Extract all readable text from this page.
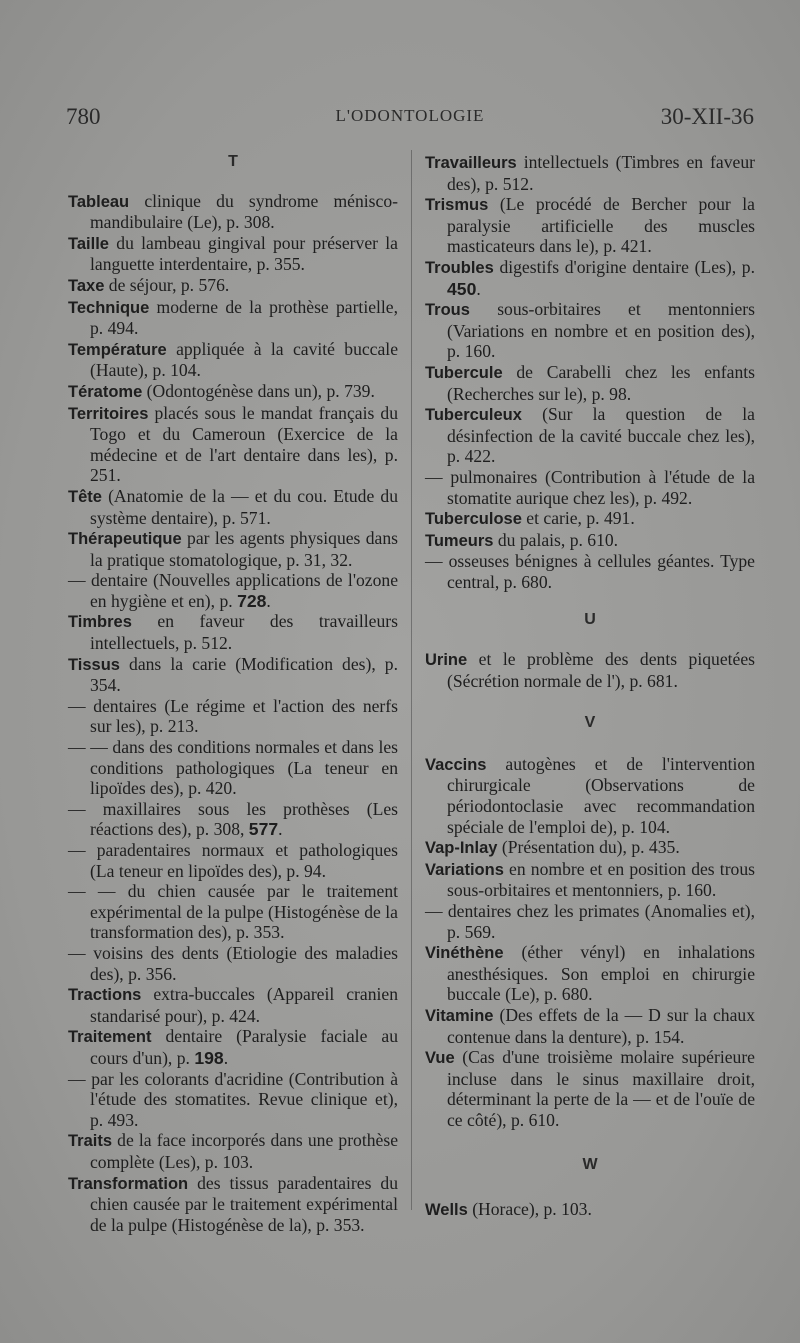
780	L'ODONTOLOGIE	30-XII-36
T

Tableau clinique du syndrome méniscо-mandibulaire (Le), p. 308.

Taille du lambeau gingival pour préserver la languette interdentaire, p. 355.

Taxe de séjour, p. 576.

Technique moderne de la prothèse partielle, p. 494.

Température appliquée à la cavité buccale (Haute), p. 104.

Tératome (Odontogénèse dans un), p. 739.

Territoires placés sous le mandat français du Togo et du Cameroun (Exercice de la médecine et de l'art dentaire dans les), p. 251.

Tête (Anatomie de la — et du cou. Etude du système dentaire), p. 571.

Thérapeutique par les agents physiques dans la pratique stomatologique, p. 31, 32.

— dentaire (Nouvelles applications de l'ozone en hygiène et en), p. 728.

Timbres en faveur des travailleurs intellectuels, p. 512.

Tissus dans la carie (Modification des), p. 354.

— dentaires (Le régime et l'action des nerfs sur les), p. 213.

— — dans des conditions normales et dans les conditions pathologiques (La teneur en lipoïdes des), p. 420.

— maxillaires sous les prothèses (Les réactions des), p. 308, 577.

— paradentaires normaux et pathologiques (La teneur en lipoïdes des), p. 94.

— — du chien causée par le traitement expérimental de la pulpe (Histogénèse de la transformation des), p. 353.

— voisins des dents (Etiologie des maladies des), p. 356.

Tractions extra-buccales (Appareil cranien standarisé pour), p. 424.

Traitement dentaire (Paralysie faciale au cours d'un), p. 198.

— par les colorants d'acridine (Contribution à l'étude des stomatites. Revue clinique et), p. 493.

Traits de la face incorporés dans une prothèse complète (Les), p. 103.

Transformation des tissus paradentaires du chien causée par le traitement expérimental de la pulpe (Histogénèse de la), p. 353.

Travailleurs intellectuels (Timbres en faveur des), p. 512.

Trismus (Le procédé de Bercher pour la paralysie artificielle des muscles masticateurs dans le), p. 421.

Troubles digestifs d'origine dentaire (Les), p. 450.

Trous sous-orbitaires et mentonniers (Variations en nombre et en position des), p. 160.

Tubercule de Carabelli chez les enfants (Recherches sur le), p. 98.

Tuberculeux (Sur la question de la désinfection de la cavité buccale chez les), p. 422.

— pulmonaires (Contribution à l'étude de la stomatite aurique chez les), p. 492.

Tuberculose et carie, p. 491.

Tumeurs du palais, p. 610.

— osseuses bénignes à cellules géantes. Type central, p. 680.

U

Urine et le problème des dents piquetées (Sécrétion normale de l'), p. 681.

V

Vaccins autogènes et de l'intervention chirurgicale (Observations de périodontoclasie avec recommandation spéciale de l'emploi de), p. 104.

Vap-Inlay (Présentation du), p. 435.

Variations en nombre et en position des trous sous-orbitaires et mentonniers, p. 160.

— dentaires chez les primates (Anomalies et), p. 569.

Vinéthène (éther vényl) en inhalations anesthésiques. Son emploi en chirurgie buccale (Le), p. 680.

Vitamine (Des effets de la — D sur la chaux contenue dans la denture), p. 154.

Vue (Cas d'une troisième molaire supérieure incluse dans le sinus maxillaire droit, déterminant la perte de la — et de l'ouïe de ce côté), p. 610.

W

Wells (Horace), p. 103.
